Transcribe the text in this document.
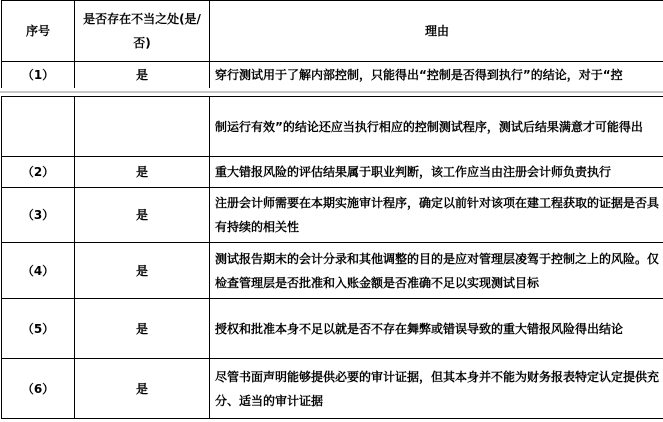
序号	是否存在不当之处(是/否)	理由
（1）	是	穿行测试用于了解内部控制，只能得出“控制是否得到执行”的结论，对于“控
		制运行有效”的结论还应当执行相应的控制测试程序，测试后结果满意才可能得出
（2）	是	重大错报风险的评估结果属于职业判断，该工作应当由注册会计师负责执行
（3）	是	注册会计师需要在本期实施审计程序，确定以前针对该项在建工程获取的证据是否具有持续的相关性
（4）	是	测试报告期末的会计分录和其他调整的目的是应对管理层凌驾于控制之上的风险。仅检查管理层是否批准和入账金额是否准确不足以实现测试目标
（5）	是	授权和批准本身不足以就是否不存在舞弊或错误导致的重大错报风险得出结论
（6）	是	尽管书面声明能够提供必要的审计证据，但其本身并不能为财务报表特定认定提供充分、适当的审计证据
